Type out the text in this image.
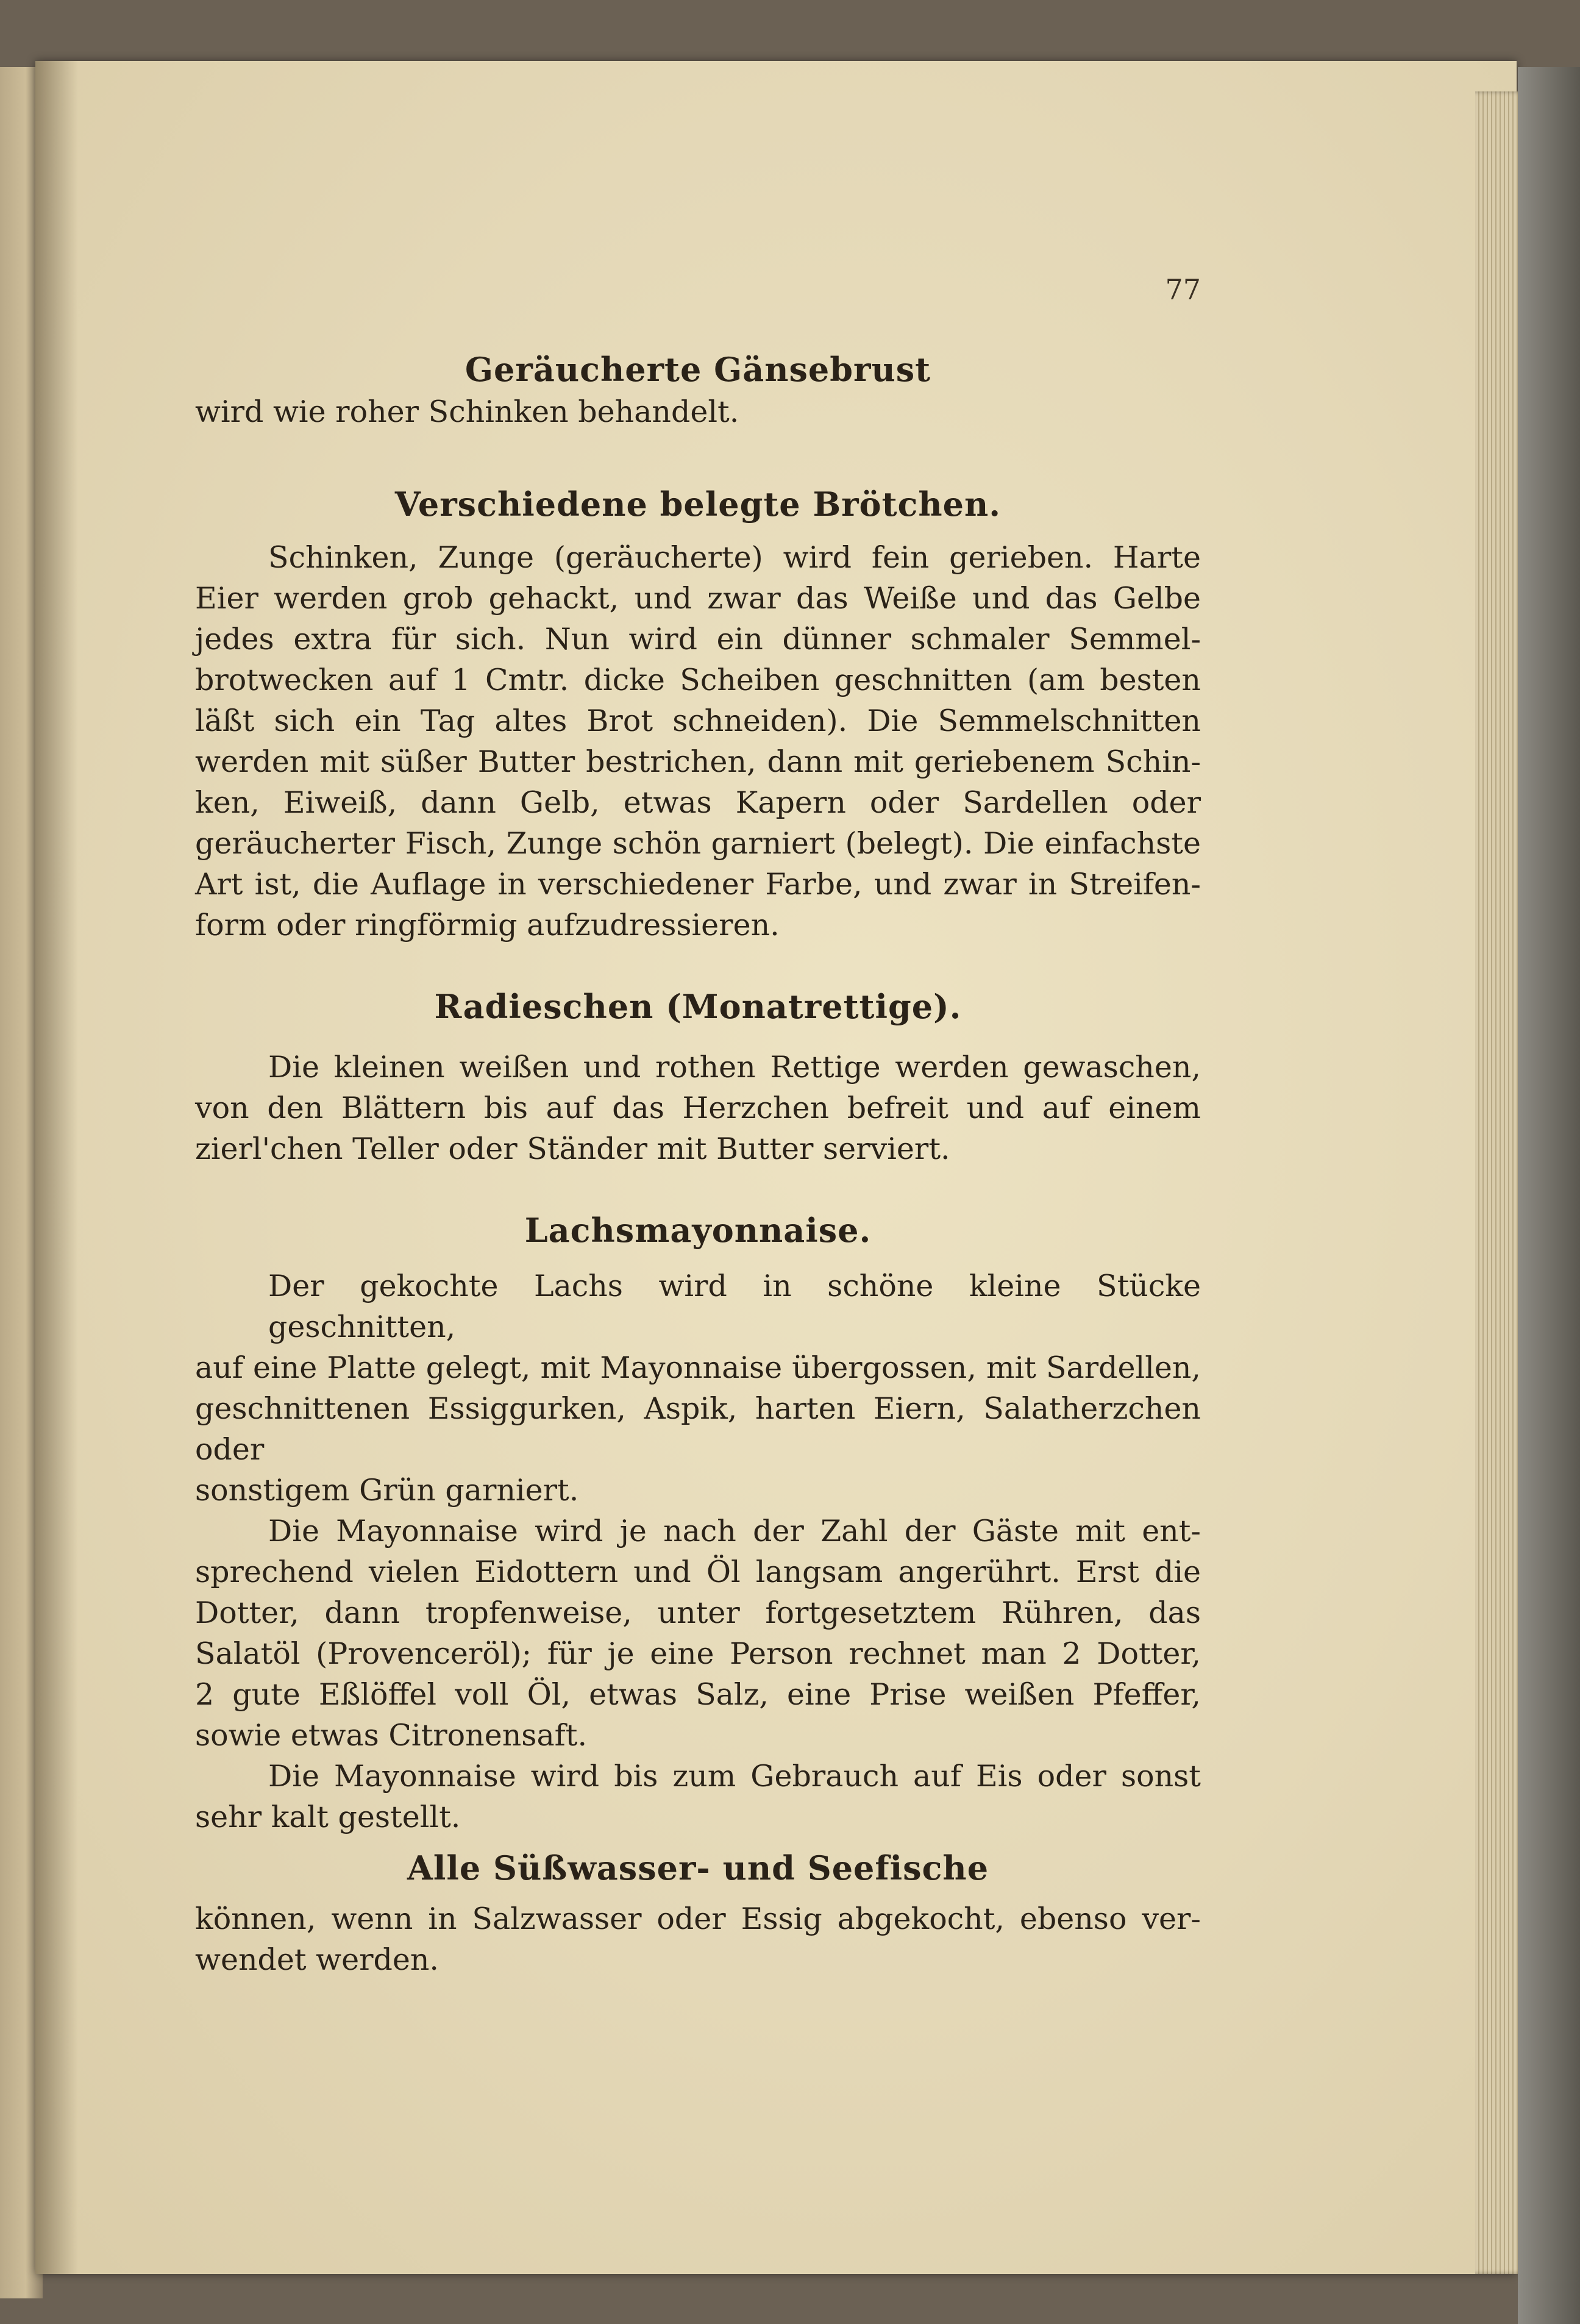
77
Geräucherte Gänsebrust

wird wie roher Schinken behandelt.

Verschiedene belegte Brötchen.

Schinken, Zunge (geräucherte) wird fein gerieben. Harte

Eier werden grob gehackt, und zwar das Weiße und das Gelbe

jedes extra für sich. Nun wird ein dünner schmaler Semmel-

brotwecken auf 1 Cmtr. dicke Scheiben geschnitten (am besten

läßt sich ein Tag altes Brot schneiden). Die Semmelschnitten

werden mit süßer Butter bestrichen, dann mit geriebenem Schin-

ken, Eiweiß, dann Gelb, etwas Kapern oder Sardellen oder

geräucherter Fisch, Zunge schön garniert (belegt). Die einfachste

Art ist, die Auflage in verschiedener Farbe, und zwar in Streifen-

form oder ringförmig aufzudressieren.

Radieschen (Monatrettige).

Die kleinen weißen und rothen Rettige werden gewaschen,

von den Blättern bis auf das Herzchen befreit und auf einem

zierl'chen Teller oder Ständer mit Butter serviert.

Lachsmayonnaise.

Der gekochte Lachs wird in schöne kleine Stücke geschnitten,

auf eine Platte gelegt, mit Mayonnaise übergossen, mit Sardellen,

geschnittenen Essiggurken, Aspik, harten Eiern, Salatherzchen oder

sonstigem Grün garniert.

Die Mayonnaise wird je nach der Zahl der Gäste mit ent-

sprechend vielen Eidottern und Öl langsam angerührt. Erst die

Dotter, dann tropfenweise, unter fortgesetztem Rühren, das

Salatöl (Provenceröl); für je eine Person rechnet man 2 Dotter,

2 gute Eßlöffel voll Öl, etwas Salz, eine Prise weißen Pfeffer,

sowie etwas Citronensaft.

Die Mayonnaise wird bis zum Gebrauch auf Eis oder sonst

sehr kalt gestellt.

Alle Süßwasser- und Seefische

können, wenn in Salzwasser oder Essig abgekocht, ebenso ver-

wendet werden.
